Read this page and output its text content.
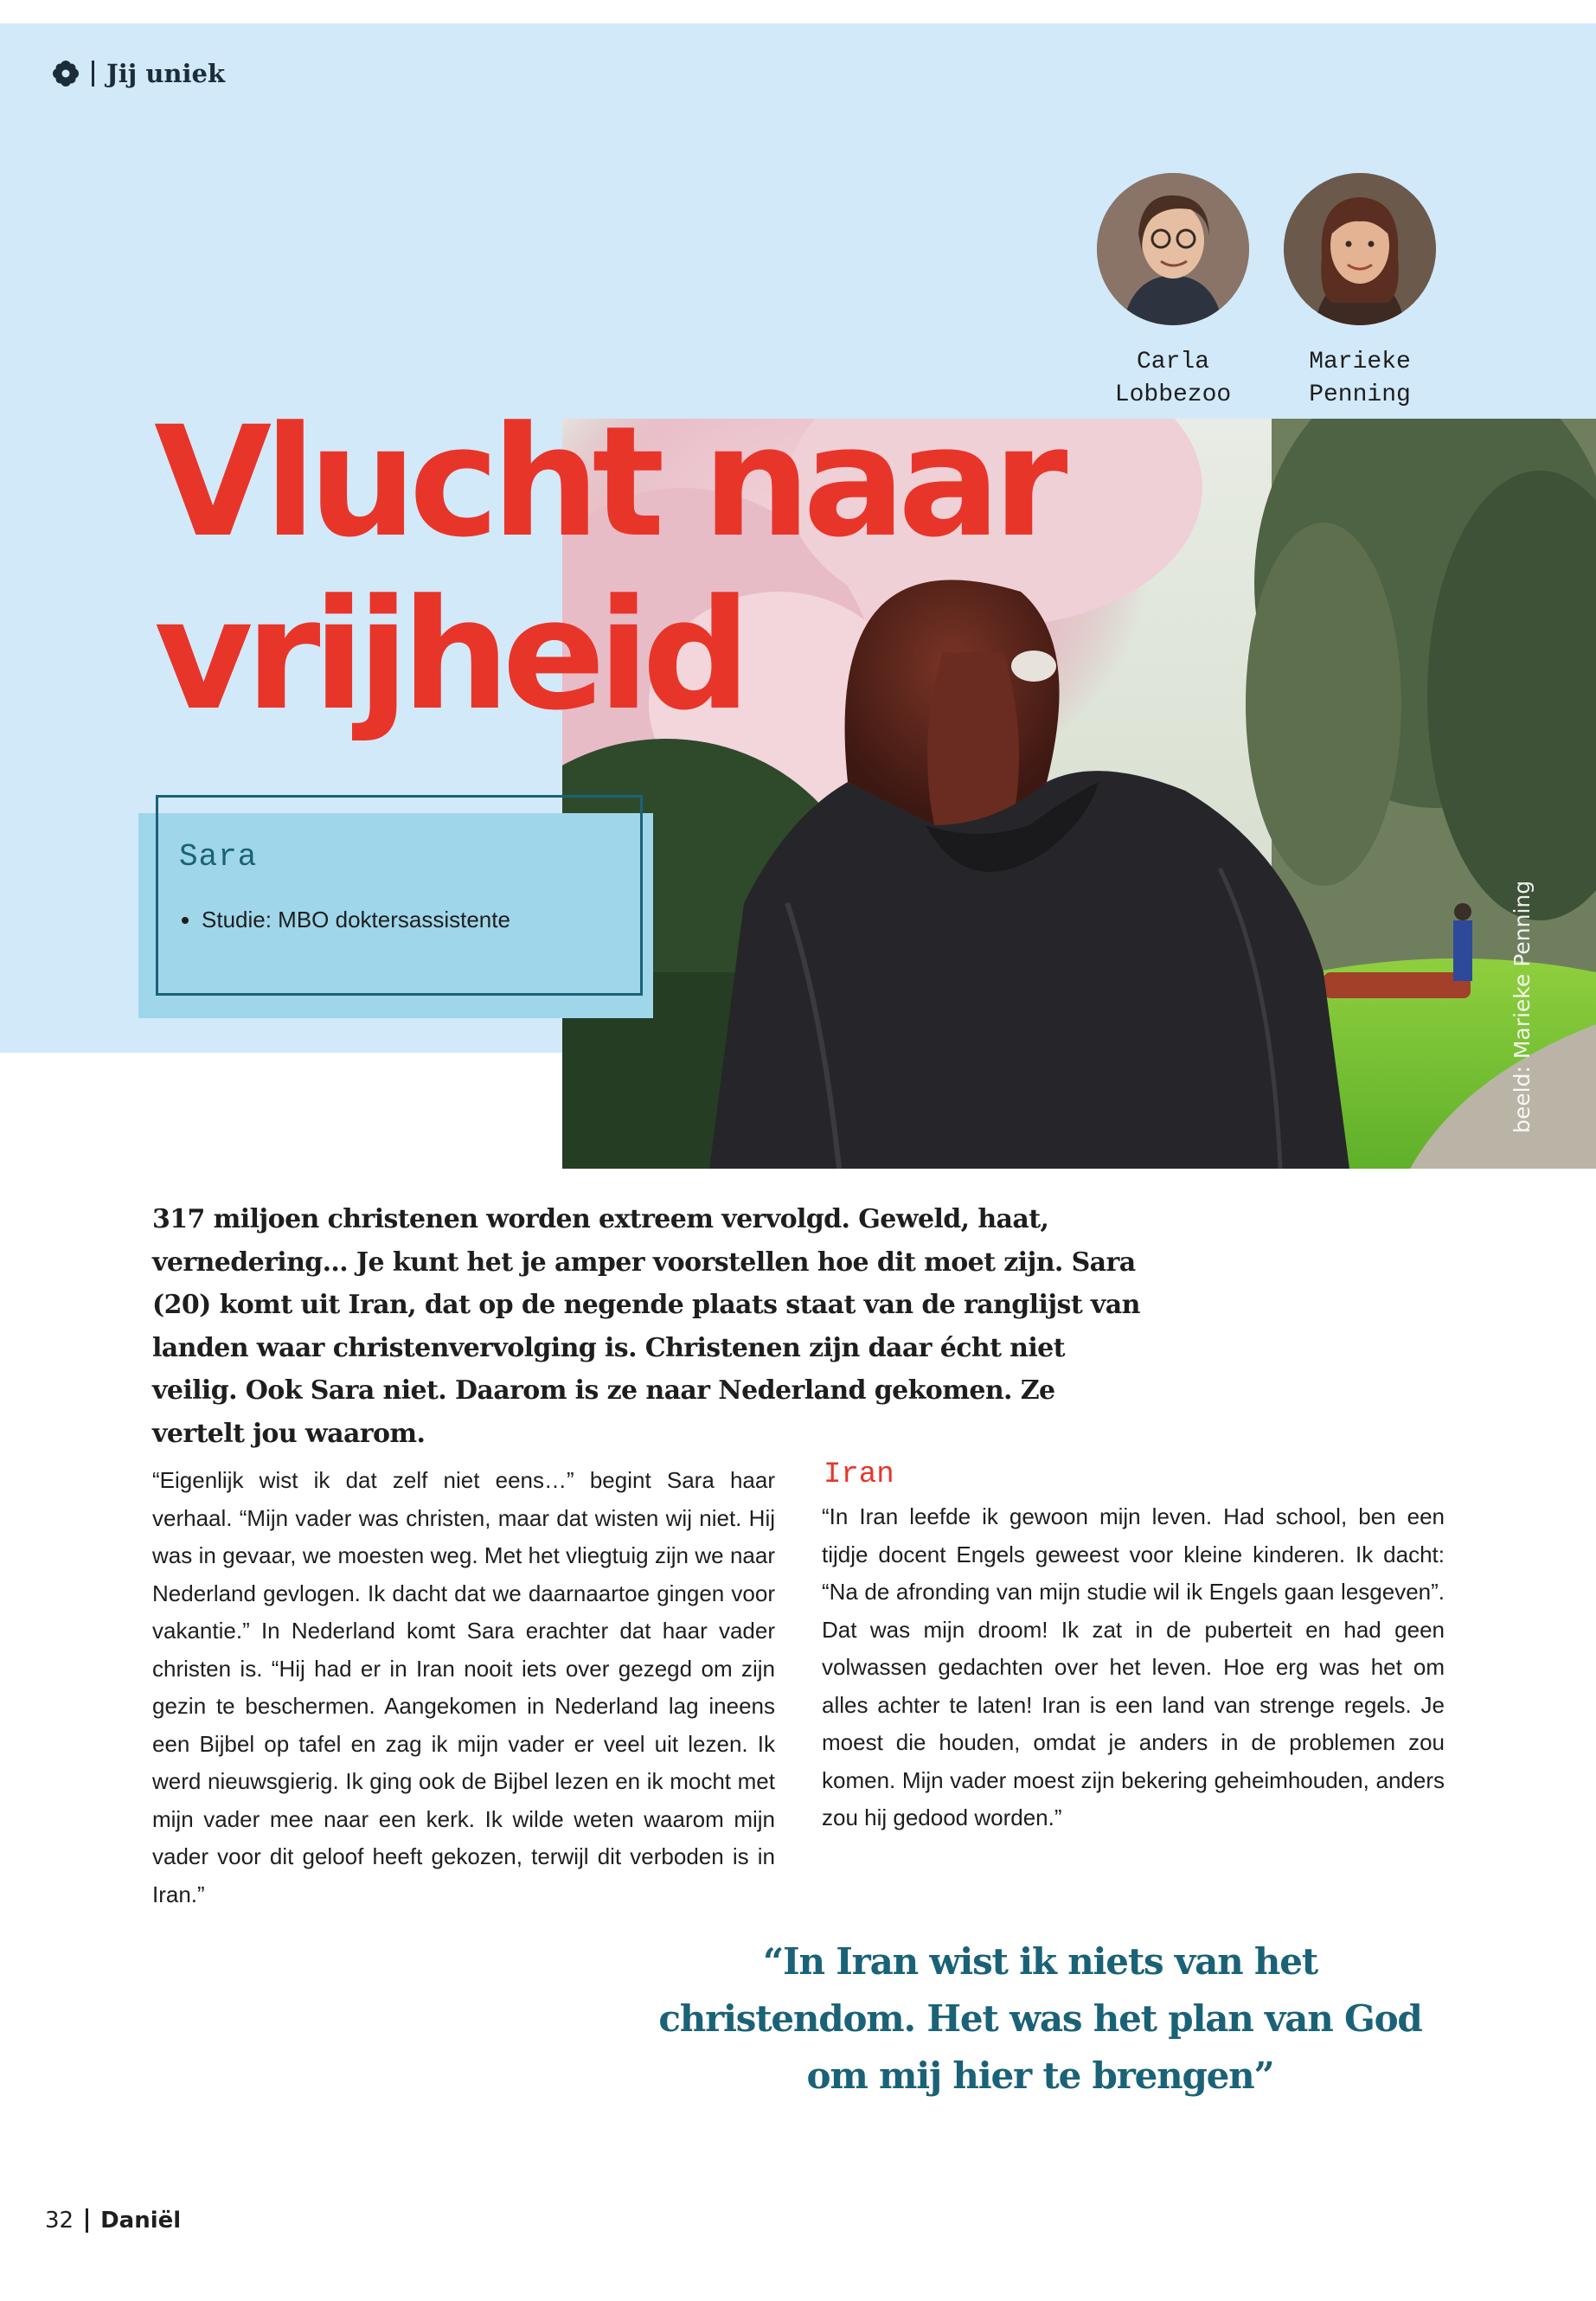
Jij uniek
beeld: Marieke Penning
Carla
Lobbezoo
Marieke
Penning
Vlucht naar
vrijheid
Sara
• Studie: MBO doktersassistente

317 miljoen christenen worden extreem vervolgd. Geweld, haat, vernedering… Je kunt het je amper voorstellen hoe dit moet zijn. Sara (20) komt uit Iran, dat op de negende plaats staat van de ranglijst van landen waar christenvervolging is. Christenen zijn daar écht niet veilig. Ook Sara niet. Daarom is ze naar Nederland gekomen. Ze vertelt jou waarom.

“Eigenlijk wist ik dat zelf niet eens…” begint Sara haar verhaal. “Mijn vader was christen, maar dat wisten wij niet. Hij was in gevaar, we moesten weg. Met het vliegtuig zijn we naar Nederland gevlogen. Ik dacht dat we daarnaartoe gingen voor vakantie.” In Nederland komt Sara erachter dat haar vader christen is. “Hij had er in Iran nooit iets over gezegd om zijn gezin te beschermen. Aangekomen in Nederland lag ineens een Bijbel op tafel en zag ik mijn vader er veel uit lezen. Ik werd nieuwsgierig. Ik ging ook de Bijbel lezen en ik mocht met mijn vader mee naar een kerk. Ik wilde weten waarom mijn vader voor dit geloof heeft gekozen, terwijl dit verboden is in Iran.”

Iran

“In Iran leefde ik gewoon mijn leven. Had school, ben een tijdje docent Engels geweest voor kleine kinderen. Ik dacht: “Na de afronding van mijn studie wil ik Engels gaan lesgeven”. Dat was mijn droom! Ik zat in de puberteit en had geen volwassen gedachten over het leven. Hoe erg was het om alles achter te laten! Iran is een land van strenge regels. Je moest die houden, omdat je anders in de problemen zou komen. Mijn vader moest zijn bekering geheimhouden, anders zou hij gedood worden.”

“In Iran wist ik niets van het christendom. Het was het plan van God om mij hier te brengen”

32 Daniël
